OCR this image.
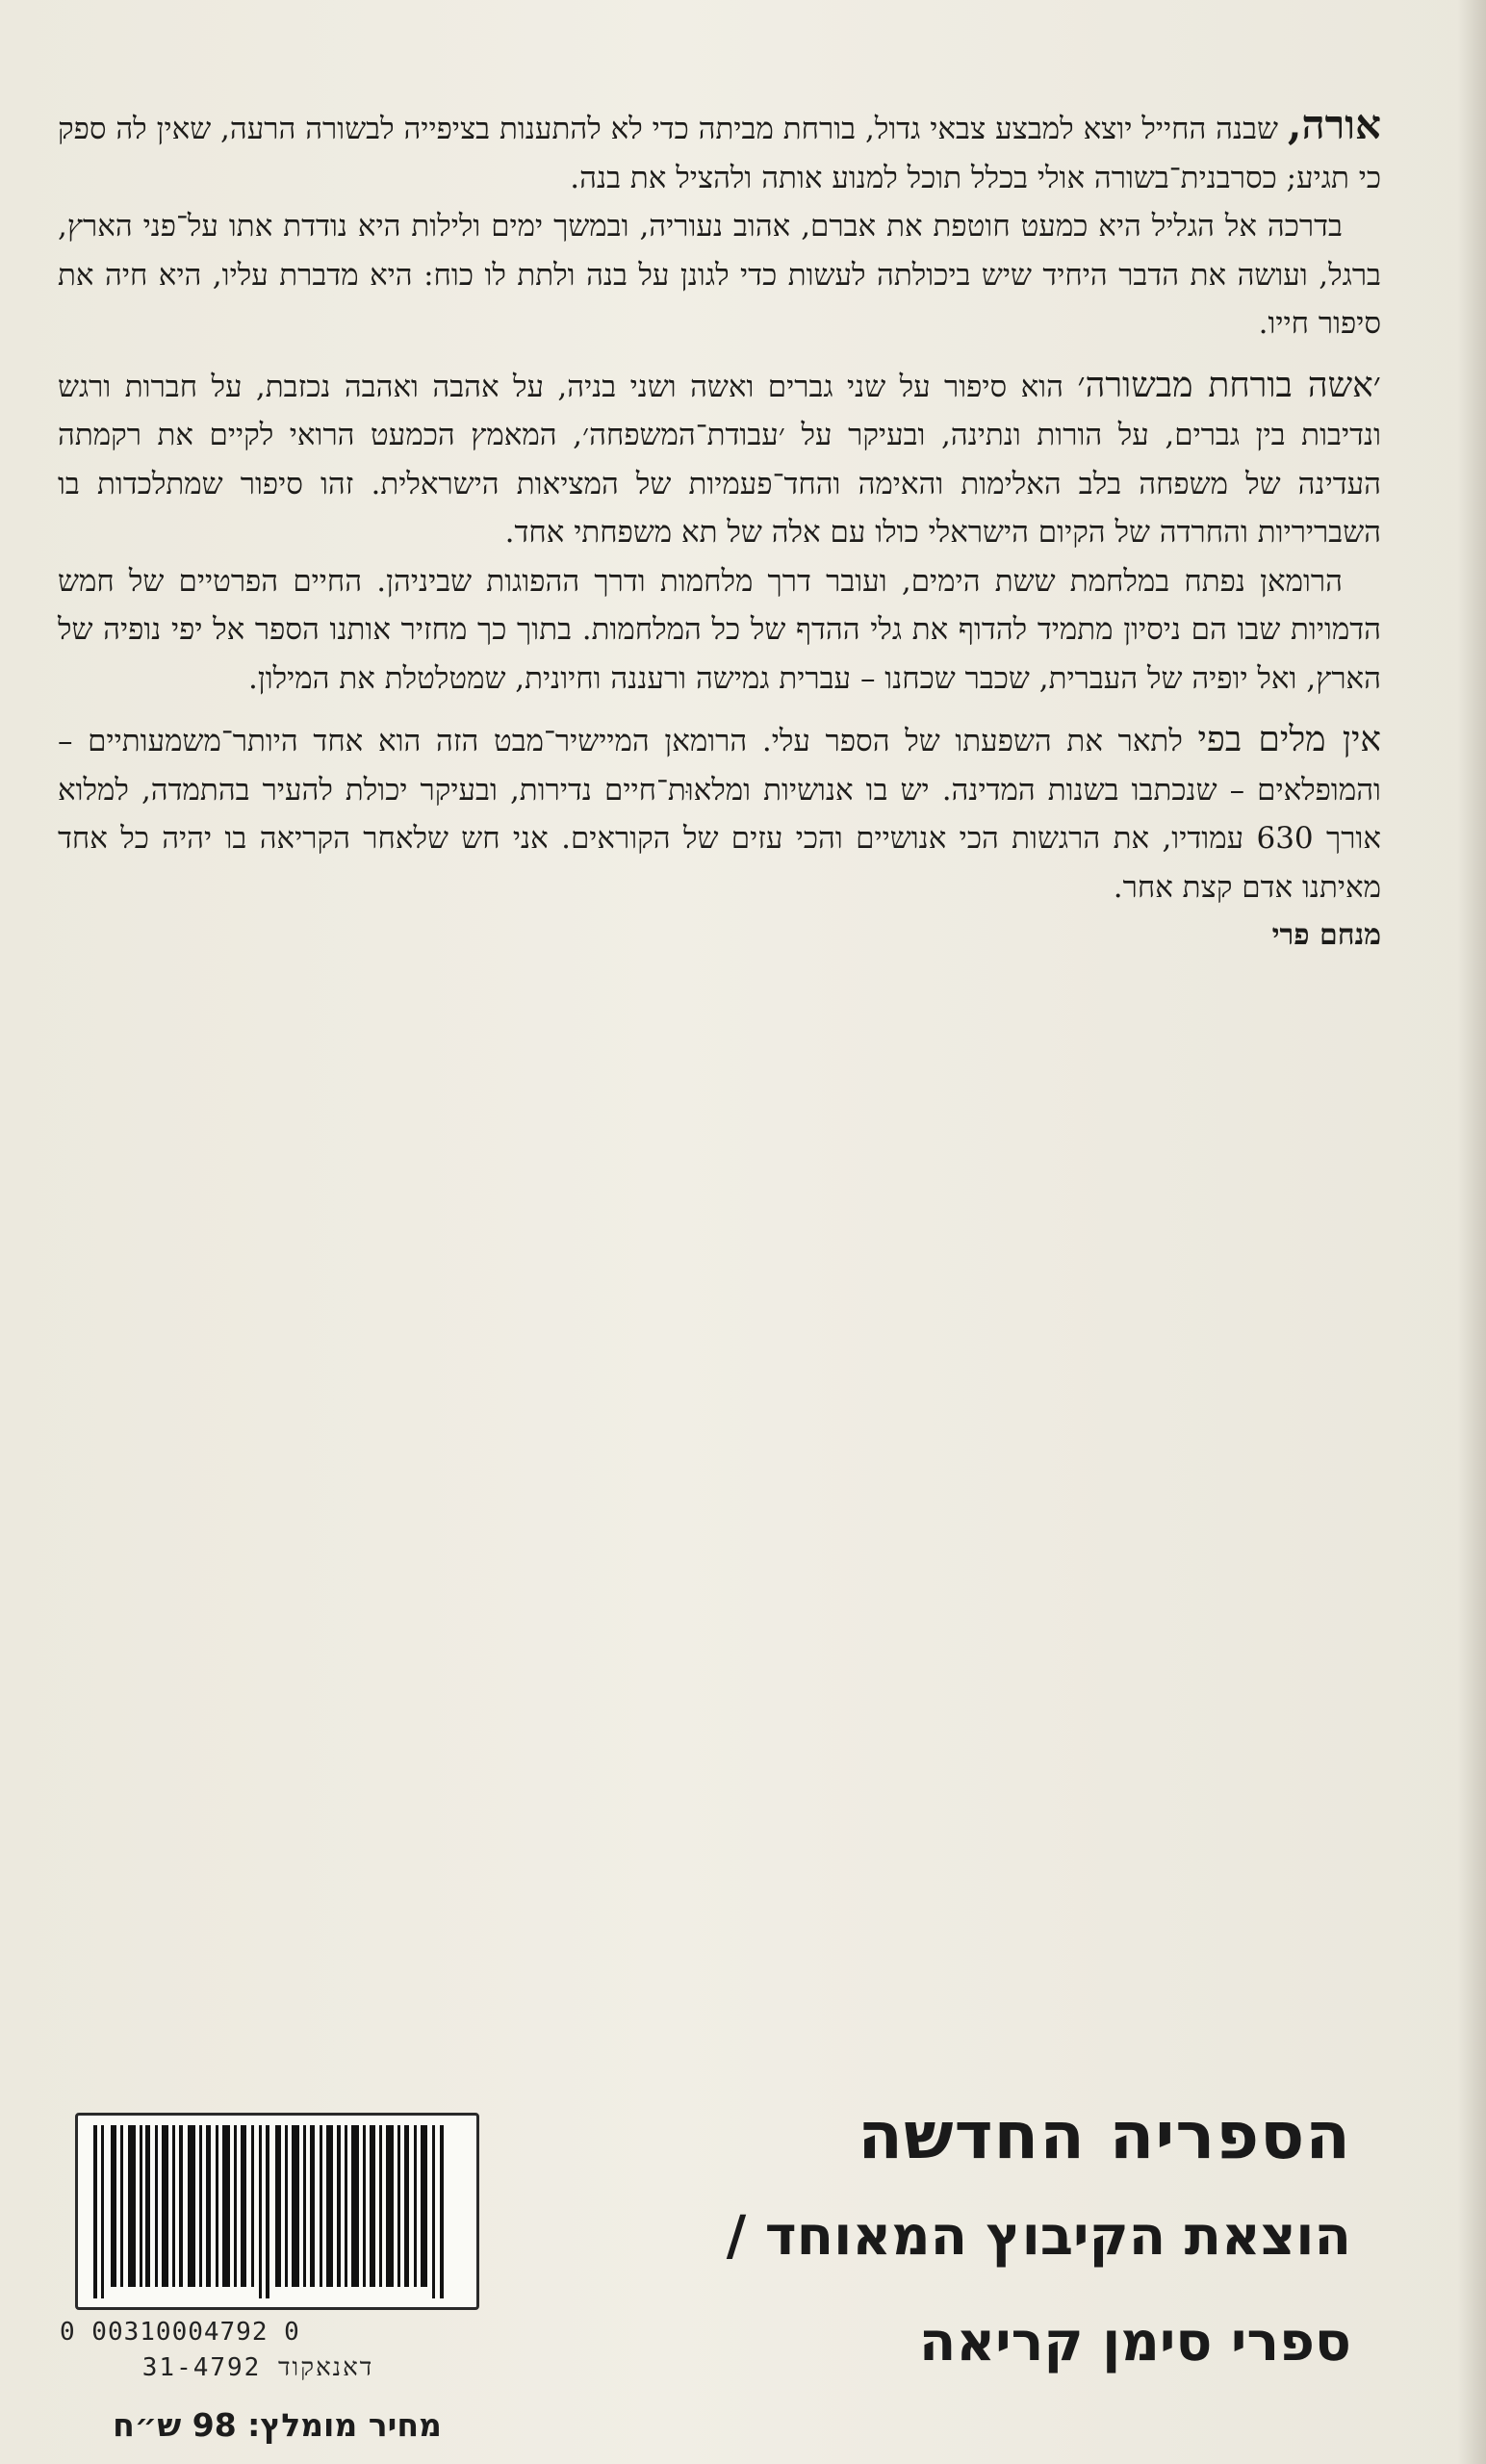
אורה, שבנה החייל יוצא למבצע צבאי גדול, בורחת מביתה כדי לא להתענות בציפייה לבשורה הרעה, שאין לה ספק כי תגיע; כסרבנית־בשורה אולי בכלל תוכל למנוע אותה ולהציל את בנה.

בדרכה אל הגליל היא כמעט חוטפת את אברם, אהוב נעוריה, ובמשך ימים ולילות היא נודדת אתו על־פני הארץ, ברגל, ועושה את הדבר היחיד שיש ביכולתה לעשות כדי לגונן על בנה ולתת לו כוח: היא מדברת עליו, היא חיה את סיפור חייו.

׳אשה בורחת מבשורה׳ הוא סיפור על שני גברים ואשה ושני בניה, על אהבה ואהבה נכזבת, על חברות ורגש ונדיבות בין גברים, על הורות ונתינה, ובעיקר על ׳עבודת־המשפחה׳, המאמץ הכמעט הרואי לקיים את רקמתה העדינה של משפחה בלב האלימות והאימה והחד־פעמיות של המציאות הישראלית. זהו סיפור שמתלכדות בו השבריריות והחרדה של הקיום הישראלי כולו עם אלה של תא משפחתי אחד.

הרומאן נפתח במלחמת ששת הימים, ועובר דרך מלחמות ודרך ההפוגות שביניהן. החיים הפרטיים של חמש הדמויות שבו הם ניסיון מתמיד להדוף את גלי ההדף של כל המלחמות. בתוך כך מחזיר אותנו הספר אל יפי נופיה של הארץ, ואל יופיה של העברית, שכבר שכחנו – עברית גמישה ורעננה וחיונית, שמטלטלת את המילון.

אין מלים בפי לתאר את השפעתו של הספר עלי. הרומאן המיישיר־מבט הזה הוא אחד היותר־משמעותיים – והמופלאים – שנכתבו בשנות המדינה. יש בו אנושיות ומלאוּת־חיים נדירות, ובעיקר יכולת להעיר בהתמדה, למלוא אורך 630 עמודיו, את הרגשות הכי אנושיים והכי עזים של הקוראים. אני חש שלאחר הקריאה בו יהיה כל אחד מאיתנו אדם קצת אחר.

מנחם פרי

הספריה החדשה
הוצאת הקיבוץ המאוחד /
ספרי סימן קריאה
0 00310004792 0
דאנאקוד 31-4792
מחיר מומלץ: 98 ש״ח
